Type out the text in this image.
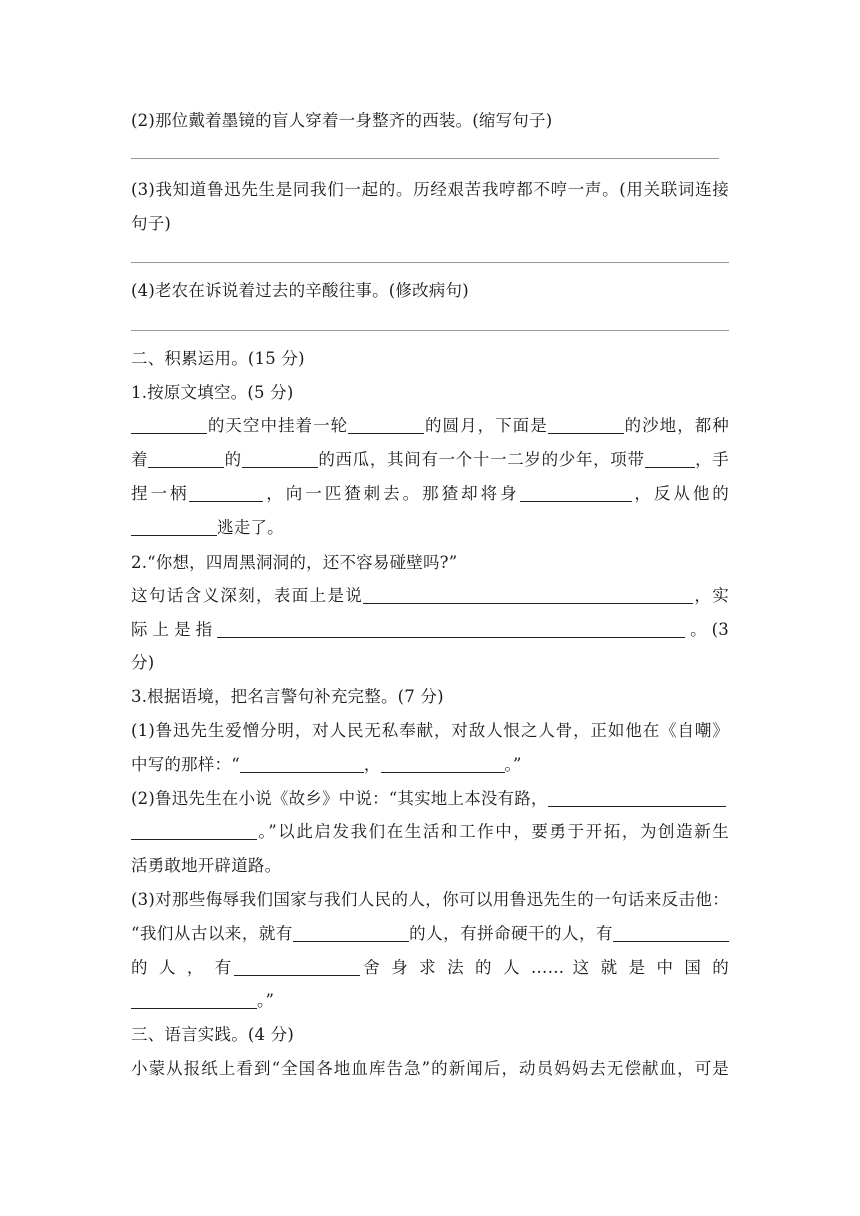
(2)那位戴着墨镜的盲人穿着一身整齐的西装。(缩写句子)
(3)我知道鲁迅先生是同我们一起的。历经艰苦我哼都不哼一声。(用关联词连接
句子)
(4)老农在诉说着过去的辛酸往事。(修改病句)
二、积累运用。(15 分)
1.按原文填空。(5 分)
的天空中挂着一轮	的圆月，下面是	的沙地，都种
着	的	的西瓜，其间有一个十一二岁的少年，项带	，手
捏一柄	，向一匹猹刺去。那猹却将身	，反从他的
逃走了。
2.“你想，四周黑洞洞的，还不容易碰壁吗?”
这句话含义深刻，表面上是说	，实
际上是指	。(3
分)
3.根据语境，把名言警句补充完整。(7 分)
(1)鲁迅先生爱憎分明，对人民无私奉献，对敌人恨之人骨，正如他在《自嘲》
中写的那样：“	，	。”
(2)鲁迅先生在小说《故乡》中说：“其实地上本没有路，
。”以此启发我们在生活和工作中，要勇于开拓，为创造新生
活勇敢地开辟道路。
(3)对那些侮辱我们国家与我们人民的人，你可以用鲁迅先生的一句话来反击他：
“我们从古以来，就有	的人，有拼命硬干的人，有
的 人 ， 有	舍 身 求 法 的 人 …… 这 就 是 中 国 的
。”
三、语言实践。(4 分)
小蒙从报纸上看到“全国各地血库告急”的新闻后，动员妈妈去无偿献血，可是
